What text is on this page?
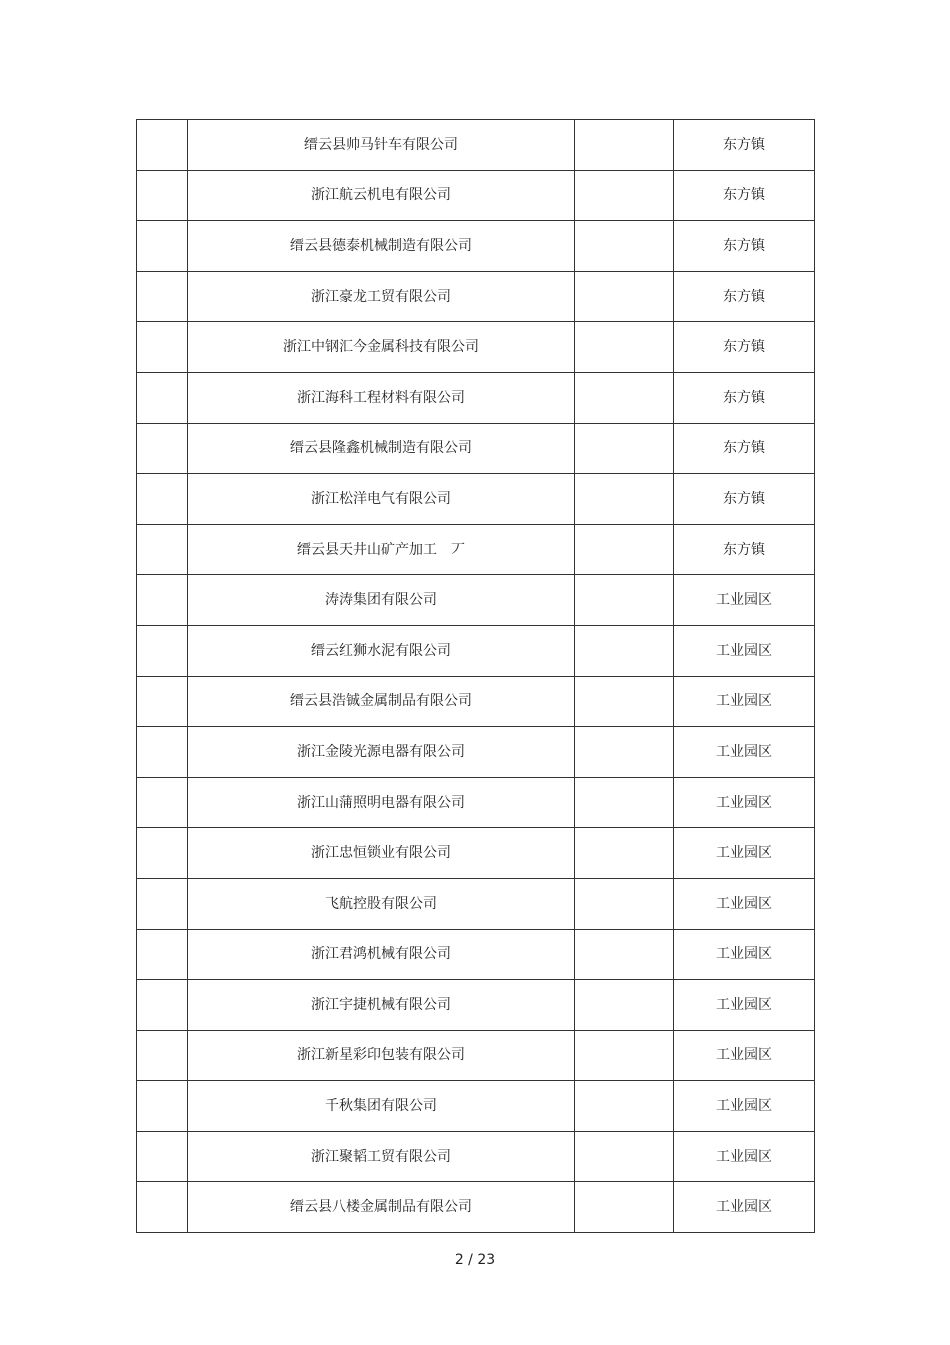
	缙云县帅马针车有限公司		东方镇
	浙江航云机电有限公司		东方镇
	缙云县德泰机械制造有限公司		东方镇
	浙江豪龙工贸有限公司		东方镇
	浙江中钢汇今金属科技有限公司		东方镇
	浙江海科工程材料有限公司		东方镇
	缙云县隆鑫机械制造有限公司		东方镇
	浙江松洋电气有限公司		东方镇
	缙云县天井山矿产加工　丆		东方镇
	涛涛集团有限公司		工业园区
	缙云红狮水泥有限公司		工业园区
	缙云县浩铖金属制品有限公司		工业园区
	浙江金陵光源电器有限公司		工业园区
	浙江山蒲照明电器有限公司		工业园区
	浙江忠恒锁业有限公司		工业园区
	飞航控股有限公司		工业园区
	浙江君鸿机械有限公司		工业园区
	浙江宇捷机械有限公司		工业园区
	浙江新星彩印包装有限公司		工业园区
	千秋集团有限公司		工业园区
	浙江聚韬工贸有限公司		工业园区
	缙云县八楼金属制品有限公司		工业园区
2 / 23
